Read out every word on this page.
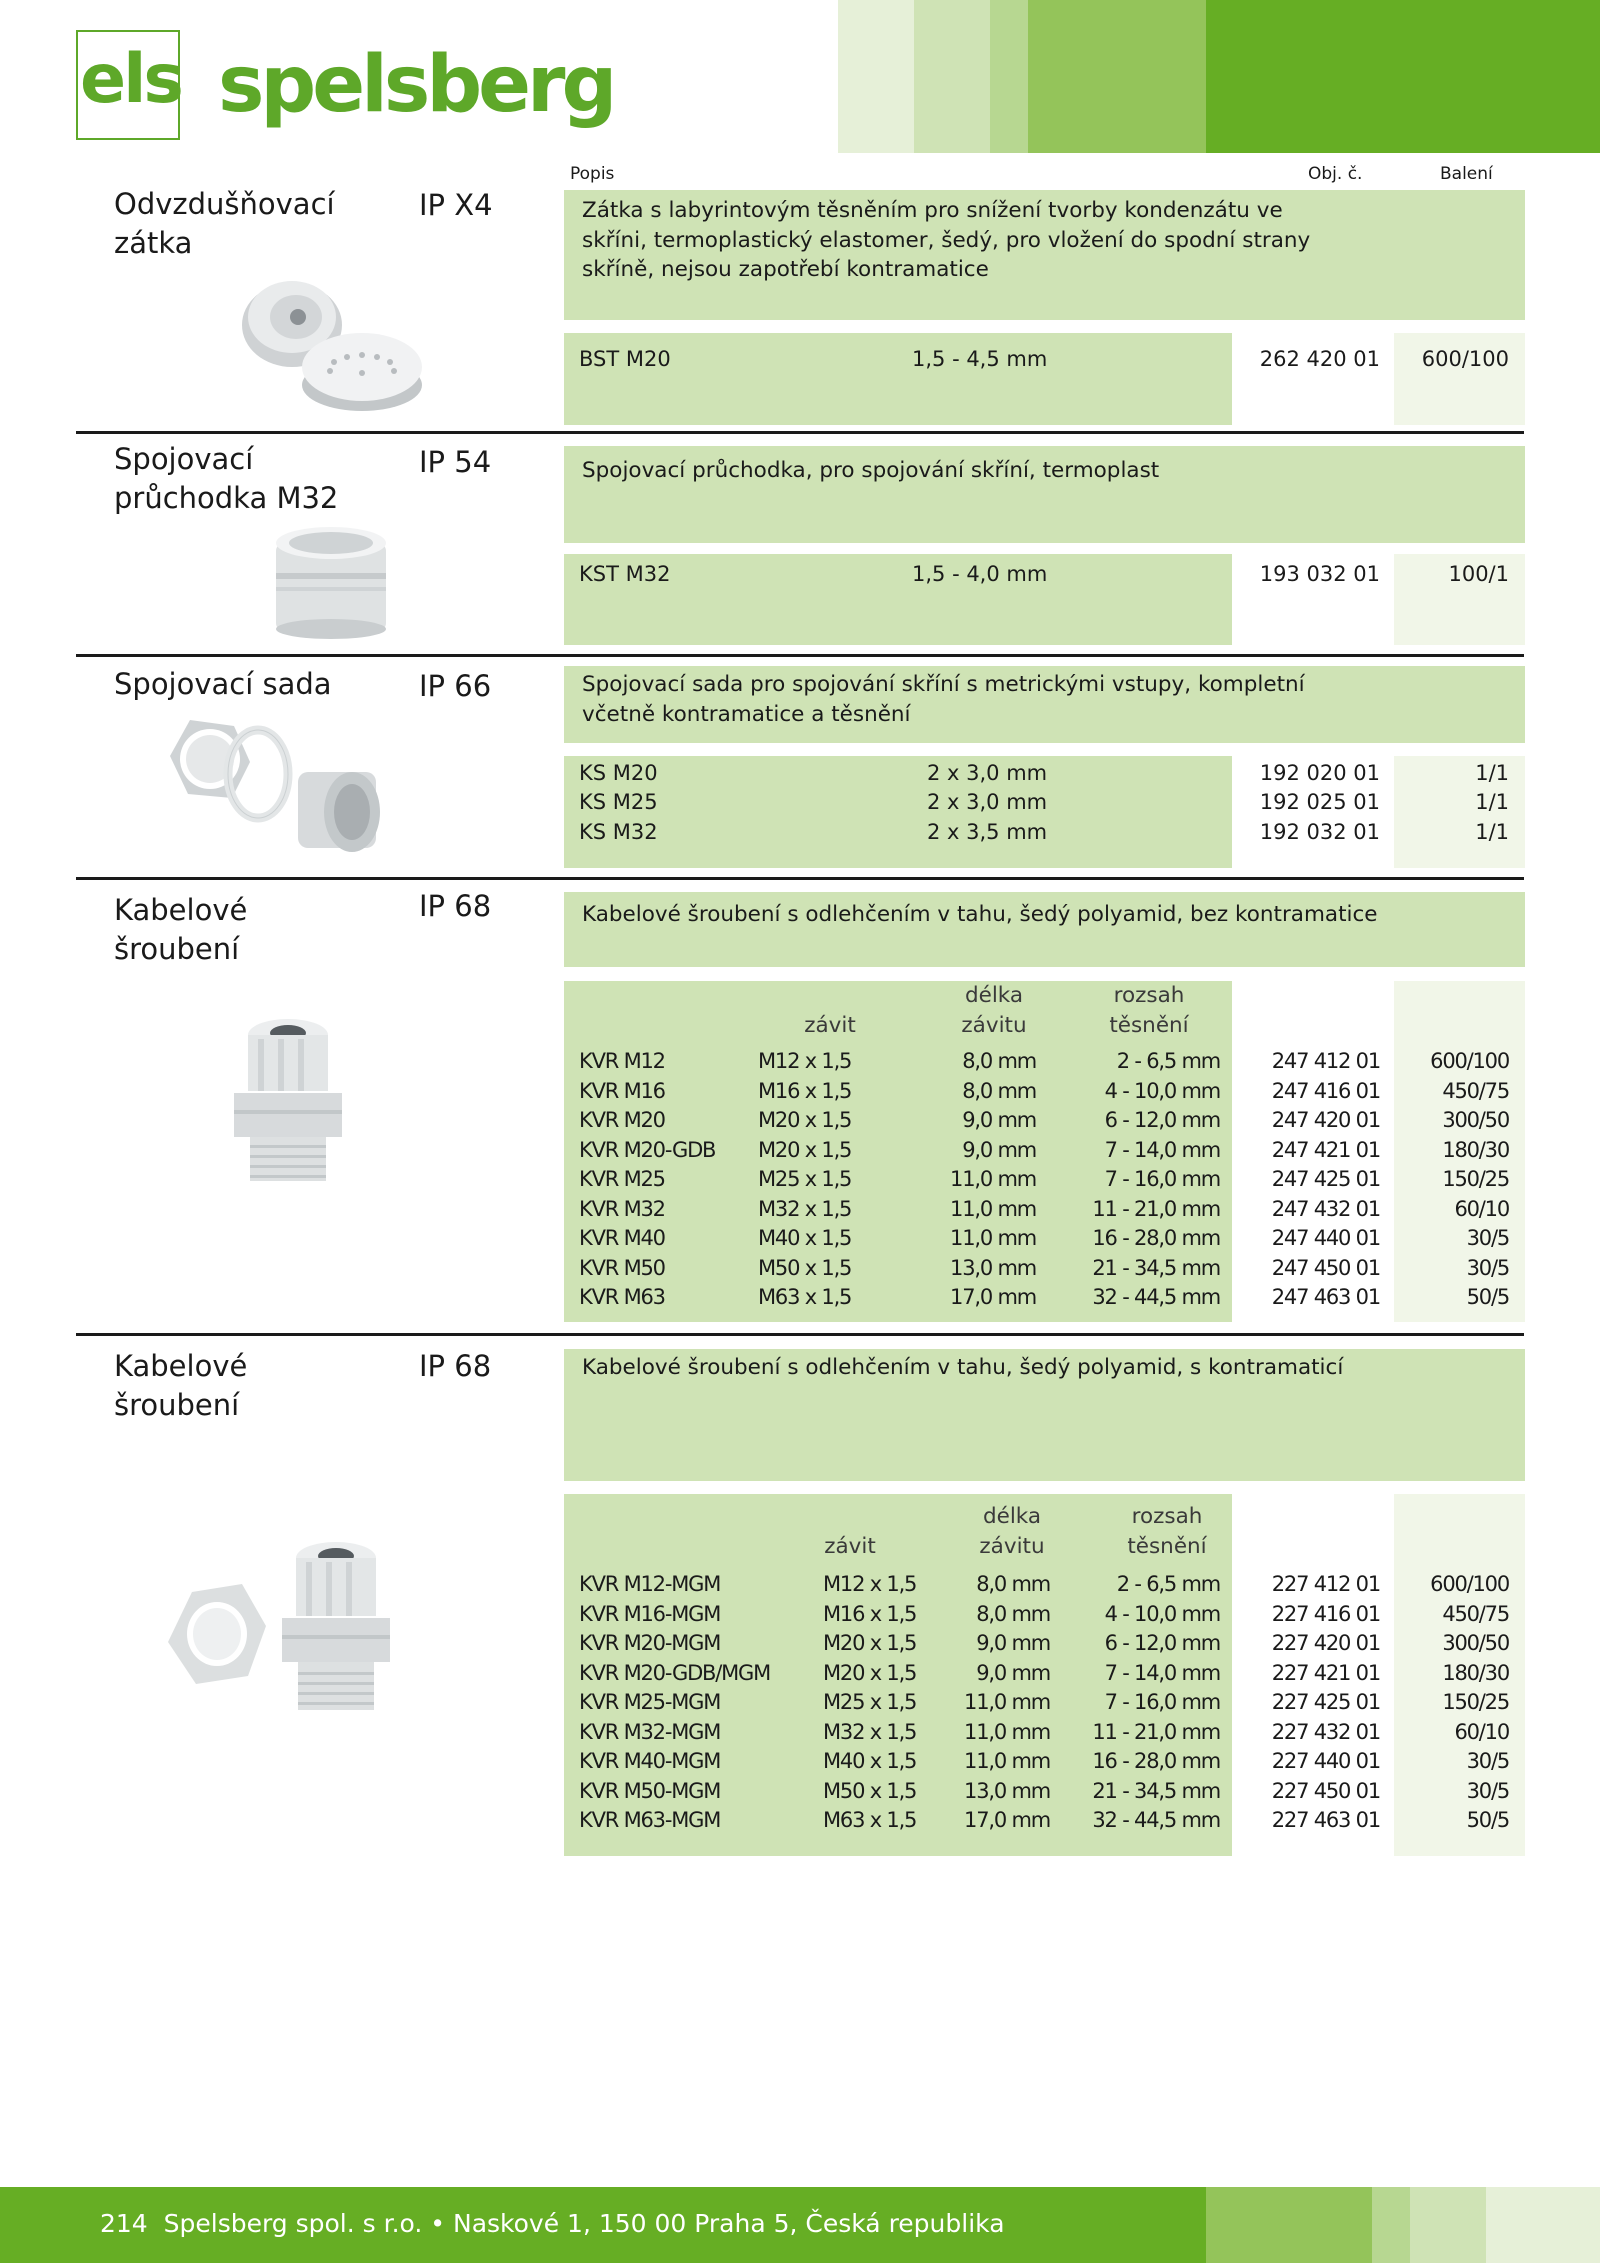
els spelsberg
Popis	Obj. č.	Balení
Odvzdušňovací zátka
IP X4	Zátka s labyrintovým těsněním pro snížení tvorby kondenzátu ve skříni, termoplastický elastomer, šedý, pro vložení do spodní strany skříně, nejsou zapotřebí kontramatice
BST M20	1,5 - 4,5 mm	262 420 01	600/100
Spojovací průchodka M32
IP 54	Spojovací průchodka, pro spojování skříní, termoplast
KST M32	1,5 - 4,0 mm	193 032 01	100/1
Spojovací sada	IP 66	Spojovací sada pro spojování skříní s metrickými vstupy, kompletní včetně kontramatice a těsnění
KS M20	2 x 3,0 mm	192 020 01	1/1
KS M25	2 x 3,0 mm	192 025 01	1/1
KS M32	2 x 3,5 mm	192 032 01	1/1
Kabelové šroubení
IP 68	Kabelové šroubení s odlehčením v tahu, šedý polyamid, bez kontramatice
závit
délka závitu
rozsah těsnění
KVR M12	M12 x 1,5	8,0 mm	2 - 6,5 mm	247 412 01	600/100
KVR M16	M16 x 1,5	8,0 mm	4 - 10,0 mm	247 416 01	450/75
KVR M20	M20 x 1,5	9,0 mm	6 - 12,0 mm	247 420 01	300/50
KVR M20-GDB M20 x 1,5	9,0 mm	7 - 14,0 mm	247 421 01	180/30
KVR M25	M25 x 1,5	11,0 mm	7 - 16,0 mm	247 425 01	150/25
KVR M32	M32 x 1,5	11,0 mm	11 - 21,0 mm	247 432 01	60/10
KVR M40	M40 x 1,5	11,0 mm	16 - 28,0 mm	247 440 01	30/5
KVR M50	M50 x 1,5	13,0 mm	21 - 34,5 mm	247 450 01	30/5
KVR M63	M63 x 1,5	17,0 mm	32 - 44,5 mm	247 463 01	50/5
Kabelové šroubení
IP 68	Kabelové šroubení s odlehčením v tahu, šedý polyamid, s kontramaticí
závit
délka závitu
rozsah těsnění
KVR M12-MGM	M12 x 1,5	8,0 mm	2 - 6,5 mm	227 412 01	600/100
KVR M16-MGM	M16 x 1,5	8,0 mm	4 - 10,0 mm	227 416 01	450/75
KVR M20-MGM	M20 x 1,5	9,0 mm	6 - 12,0 mm	227 420 01	300/50
KVR M20-GDB/MGM	M20 x 1,5	9,0 mm	7 - 14,0 mm	227 421 01	180/30
KVR M25-MGM	M25 x 1,5	11,0 mm	7 - 16,0 mm	227 425 01	150/25
KVR M32-MGM	M32 x 1,5	11,0 mm	11 - 21,0 mm	227 432 01	60/10
KVR M40-MGM	M40 x 1,5	11,0 mm	16 - 28,0 mm	227 440 01	30/5
KVR M50-MGM	M50 x 1,5	13,0 mm	21 - 34,5 mm	227 450 01	30/5
KVR M63-MGM	M63 x 1,5	17,0 mm	32 - 44,5 mm	227 463 01	50/5
214 Spelsberg spol. s r.o. • Naskové 1, 150 00 Praha 5, Česká republika
